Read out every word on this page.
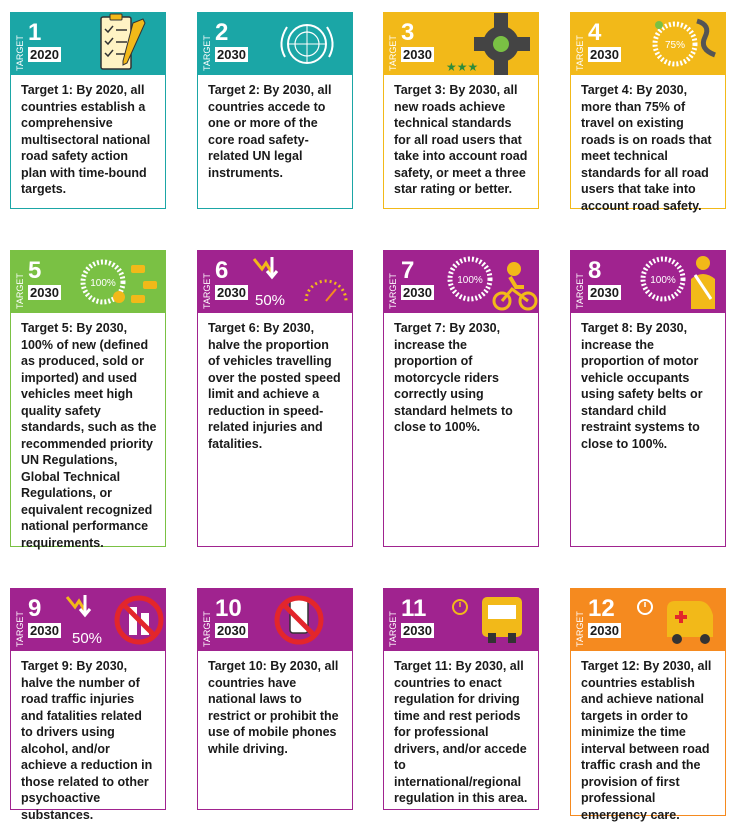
TARGET
1
2020
Target 1: By 2020, all countries establish a comprehensive multisectoral national road safety action plan with time-bound targets.
TARGET
2
2030
Target 2: By 2030, all countries accede to one or more of the core road safety-related UN legal instruments.
TARGET
3
2030
★★★
Target 3: By 2030, all new roads achieve technical standards for all road users that take into account road safety, or meet a three star rating or better.
TARGET
4
2030
75%
Target 4: By 2030, more than 75% of travel on existing roads is on roads that meet technical standards for all road users that take into account road safety.
TARGET
5
2030
100%
Target 5: By 2030, 100% of new (defined as produced, sold or imported) and used vehicles meet high quality safety standards, such as the recommended priority UN Regulations, Global Technical Regulations, or equivalent recognized national performance requirements.
TARGET
6
2030 50%
Target 6: By 2030, halve the proportion of vehicles travelling over the posted speed limit and achieve a reduction in speed-related injuries and fatalities.
TARGET
7
2030
100%
Target 7: By 2030, increase the proportion of motorcycle riders correctly using standard helmets to close to 100%.
TARGET
8
2030
100%
Target 8: By 2030, increase the proportion of motor vehicle occupants using safety belts or standard child restraint systems to close to 100%.
TARGET
9
2030 50%
Target 9: By 2030, halve the number of road traffic injuries and fatalities related to drivers using alcohol, and/or achieve a reduction in those related to other psychoactive substances.
TARGET
10
2030
Target 10: By 2030, all countries have national laws to restrict or prohibit the use of mobile phones while driving.
TARGET
11
2030
Target 11: By 2030, all countries to enact regulation for driving time and rest periods for professional drivers, and/or accede to international/regional regulation in this area.
TARGET
12
2030
Target 12: By 2030, all countries establish and achieve national targets in order to minimize the time interval between road traffic crash and the provision of first professional emergency care.
